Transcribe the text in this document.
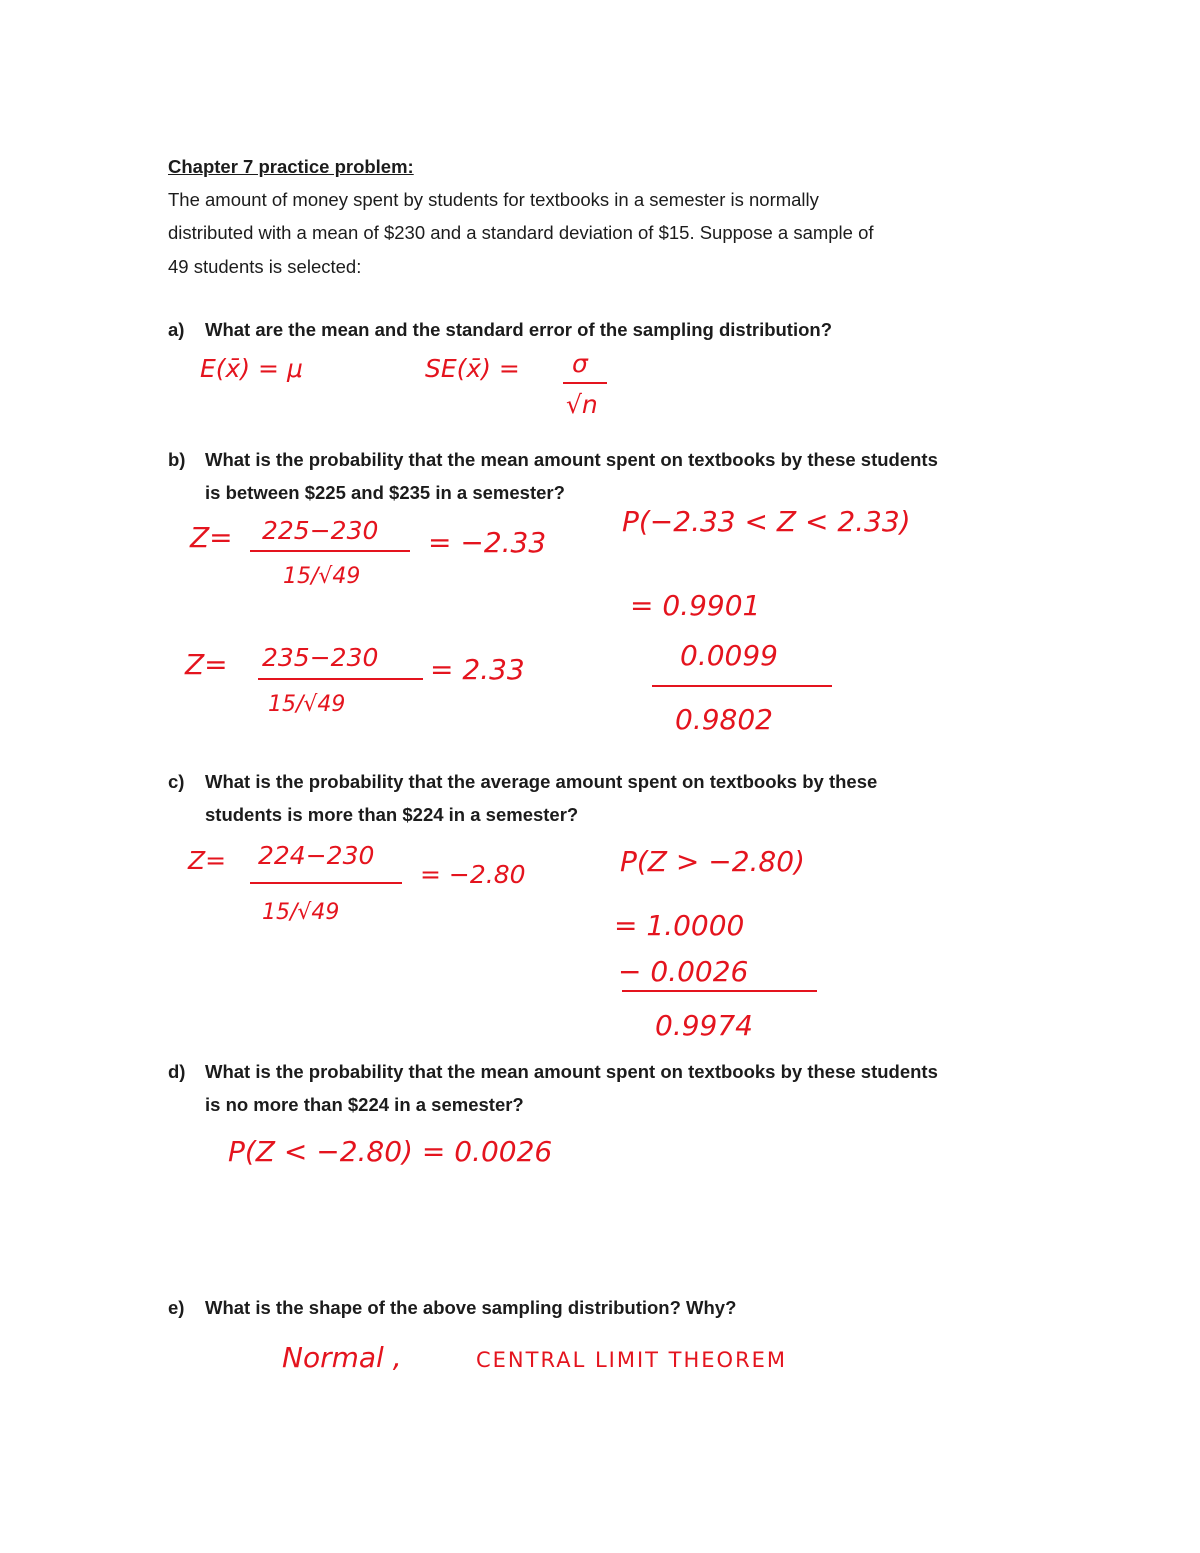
Chapter 7 practice problem:
The amount of money spent by students for textbooks in a semester is normally
distributed with a mean of $230 and a standard deviation of $15. Suppose a sample of
49 students is selected:
a) What are the mean and the standard error of the sampling distribution?
b) What is the probability that the mean amount spent on textbooks by these students
is between $225 and $235 in a semester?
c) What is the probability that the average amount spent on textbooks by these
students is more than $224 in a semester?
d) What is the probability that the mean amount spent on textbooks by these students
is no more than $224 in a semester?
e) What is the shape of the above sampling distribution? Why?
E(x̄) = μ	SE(x̄) = σ
√n
Z= 225−230
15/√49
= −2.33
Z= 235−230
15/√49
= 2.33
P(−2.33 < Z < 2.33)
= 0.9901
0.0099
0.9802
Z= 224−230
15/√49
= −2.80	P(Z > −2.80)
= 1.0000
− 0.0026
0.9974
P(Z < −2.80) = 0.0026
Normal ,	CENTRAL LIMIT THEOREM
